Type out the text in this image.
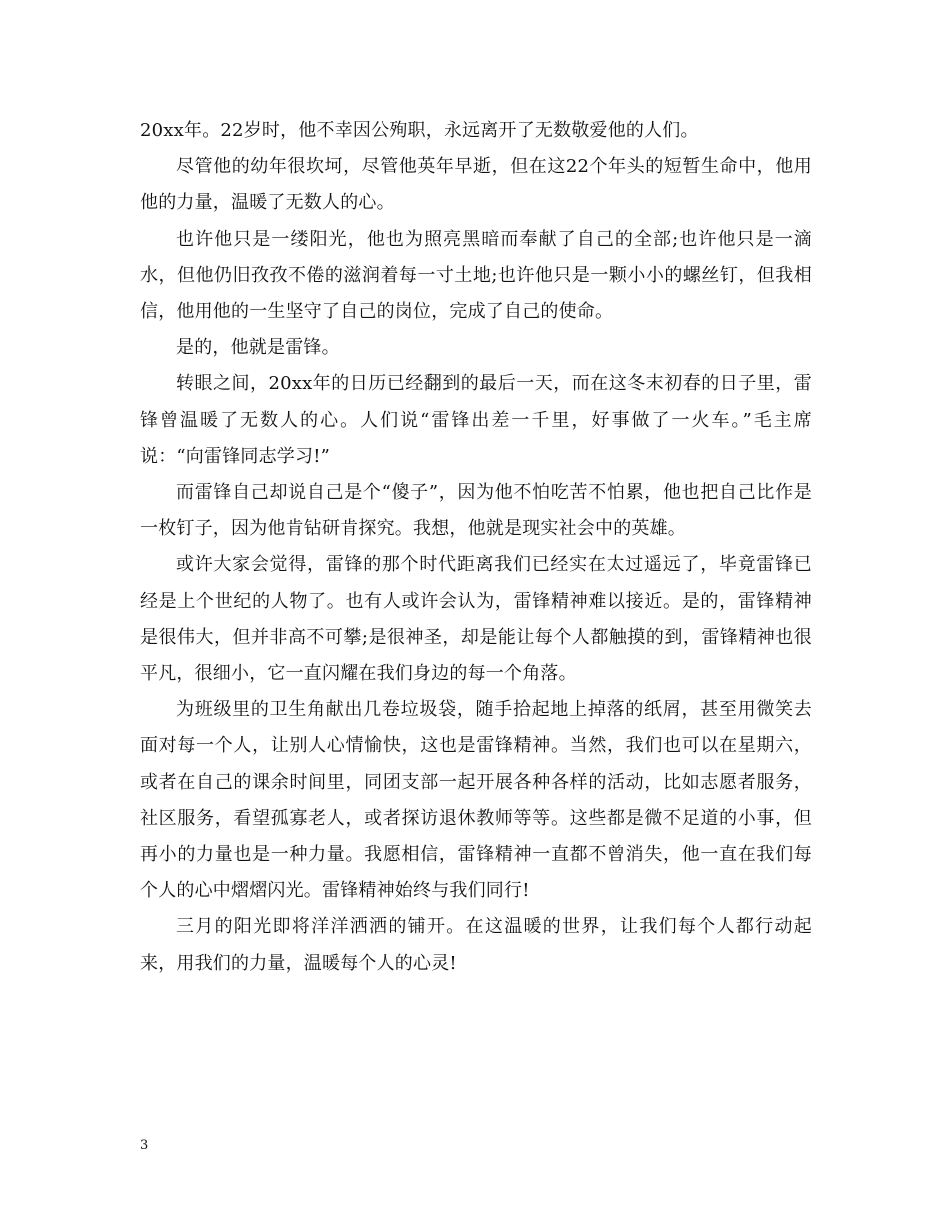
20xx年。22岁时，他不幸因公殉职，永远离开了无数敬爱他的人们。

尽管他的幼年很坎坷，尽管他英年早逝，但在这22个年头的短暂生命中，他用他的力量，温暖了无数人的心。

也许他只是一缕阳光，他也为照亮黑暗而奉献了自己的全部;也许他只是一滴水，但他仍旧孜孜不倦的滋润着每一寸土地;也许他只是一颗小小的螺丝钉，但我相信，他用他的一生坚守了自己的岗位，完成了自己的使命。

是的，他就是雷锋。

转眼之间，20xx年的日历已经翻到的最后一天，而在这冬末初春的日子里，雷锋曾温暖了无数人的心。人们说“雷锋出差一千里，好事做了一火车。”毛主席说：“向雷锋同志学习!”

而雷锋自己却说自己是个“傻子”，因为他不怕吃苦不怕累，他也把自己比作是一枚钉子，因为他肯钻研肯探究。我想，他就是现实社会中的英雄。

或许大家会觉得，雷锋的那个时代距离我们已经实在太过遥远了，毕竟雷锋已经是上个世纪的人物了。也有人或许会认为，雷锋精神难以接近。是的，雷锋精神是很伟大，但并非高不可攀;是很神圣，却是能让每个人都触摸的到，雷锋精神也很平凡，很细小，它一直闪耀在我们身边的每一个角落。

为班级里的卫生角献出几卷垃圾袋，随手拾起地上掉落的纸屑，甚至用微笑去面对每一个人，让别人心情愉快，这也是雷锋精神。当然，我们也可以在星期六，或者在自己的课余时间里，同团支部一起开展各种各样的活动，比如志愿者服务，社区服务，看望孤寡老人，或者探访退休教师等等。这些都是微不足道的小事，但再小的力量也是一种力量。我愿相信，雷锋精神一直都不曾消失，他一直在我们每个人的心中熠熠闪光。雷锋精神始终与我们同行!

三月的阳光即将洋洋洒洒的铺开。在这温暖的世界，让我们每个人都行动起来，用我们的力量，温暖每个人的心灵!

3
